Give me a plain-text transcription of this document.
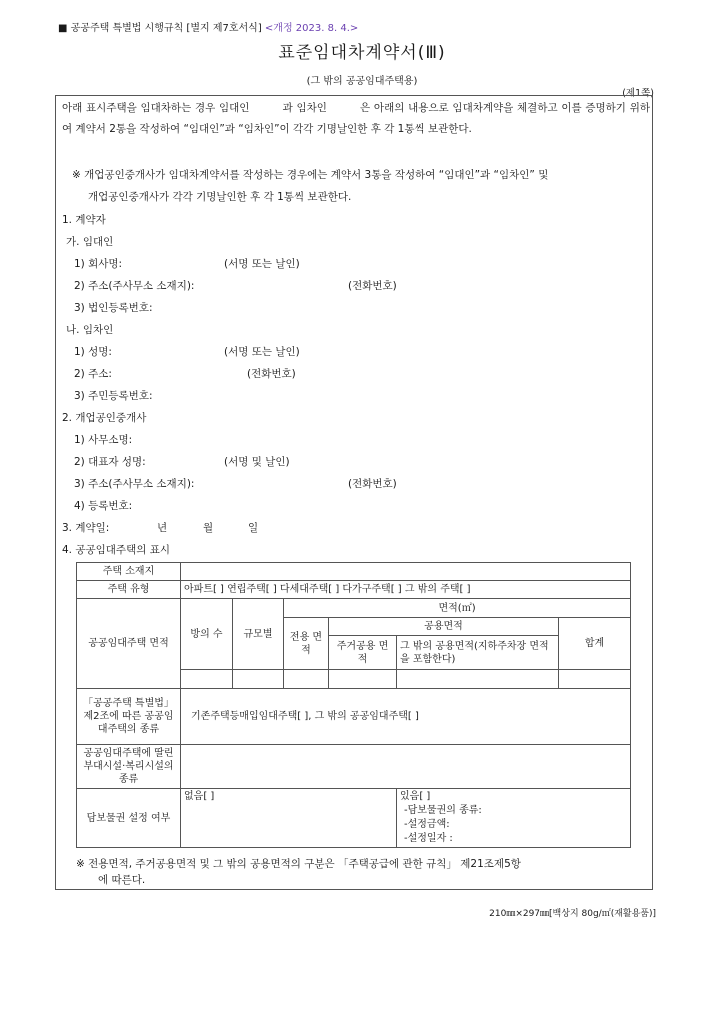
■ 공공주택 특별법 시행규칙 [별지 제7호서식] <개정 2023. 8. 4.>
표준임대차계약서(Ⅲ)
(그 밖의 공공임대주택용)
(제1쪽)
아래 표시주택을 임대차하는 경우 임대인　　　과 임차인　　　은 아래의 내용으로 임대차계약을 체결하고 이를 증명하기 위하여 계약서 2통을 작성하여 “임대인”과 “임차인”이 각각 기명날인한 후 각 1통씩 보관한다.
※ 개업공인중개사가 임대차계약서를 작성하는 경우에는 계약서 3통을 작성하여 “임대인”과 “임차인” 및
개업공인중개사가 각각 기명날인한 후 각 1통씩 보관한다.
1. 계약자
가. 임대인
1) 회사명:	(서명 또는 날인)
2) 주소(주사무소 소재지):	(전화번호)
3) 법인등록번호:
나. 임차인
1) 성명:	(서명 또는 날인)
2) 주소:	(전화번호)
3) 주민등록번호:
2. 개업공인중개사
1) 사무소명:
2) 대표자 성명:	(서명 및 날인)
3) 주소(주사무소 소재지):	(전화번호)
4) 등록번호:
3. 계약일:	년	월	일
4. 공공임대주택의 표시
주택 소재지						
주택 유형	아파트[ ] 연립주택[ ] 다세대주택[ ] 다가구주택[ ] 그 밖의 주택[ ]					
공공임대주택 면적	방의 수	규모별	면적(㎡)			
			전용 면적	공용면적		합계
				주거공용 면적	그 밖의 공용면적(지하주차장 면적을 포함한다)	

「공공주택 특별법」 제2조에 따른 공공임대주택의 종류	기존주택등매입임대주택[ ], 그 밖의 공공임대주택[ ]					
공공임대주택에 딸린 부대시설·복리시설의 종류						
담보물권 설정 여부	없음[ ]				있음[ ]
-담보물권의 종류:
-설정금액:
-설정일자 :	
※ 전용면적, 주거공용면적 및 그 밖의 공용면적의 구분은 「주택공급에 관한 규칙」 제21조제5항
에 따른다.
210㎜×297㎜[백상지 80g/㎡(재활용품)]
